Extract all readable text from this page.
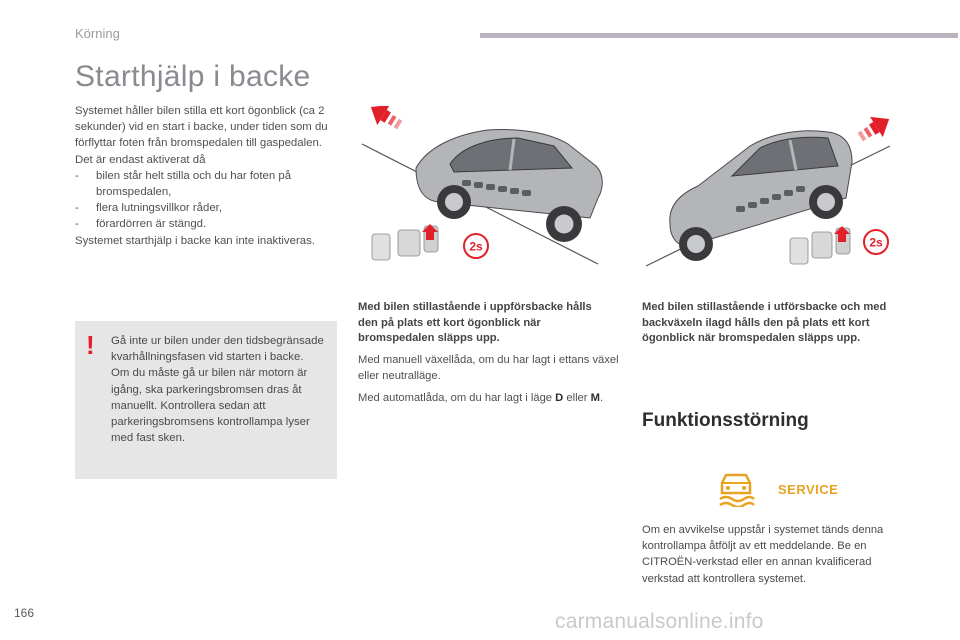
Körning
Starthjälp i backe

Systemet håller bilen stilla ett kort ögonblick (ca 2 sekunder) vid en start i backe, under tiden som du förflyttar foten från bromspedalen till gaspedalen.

Det är endast aktiverat då

- bilen står helt stilla och du har foten på bromspedalen,

- flera lutningsvillkor råder,

- förardörren är stängd.

Systemet starthjälp i backe kan inte inaktiveras.

! Gå inte ur bilen under den tidsbegränsade kvarhållningsfasen vid starten i backe.

Om du måste gå ur bilen när motorn är igång, ska parkeringsbromsen dras åt manuellt. Kontrollera sedan att parkeringsbromsens kontrollampa lyser med fast sken.

2s	2s
Med bilen stillastående i uppförsbacke hålls den på plats ett kort ögonblick när bromspedalen släpps upp.

Med manuell växellåda, om du har lagt i ettans växel eller neutralläge.

Med automatlåda, om du har lagt i läge D eller M.

Med bilen stillastående i utförsbacke och med backväxeln ilagd hålls den på plats ett kort ögonblick när bromspedalen släpps upp.
Funktionsstörning
SERVICE
Om en avvikelse uppstår i systemet tänds denna kontrollampa åtföljt av ett meddelande. Be en CITROËN-verkstad eller en annan kvalificerad verkstad att kontrollera systemet.
166	carmanualsonline.info
